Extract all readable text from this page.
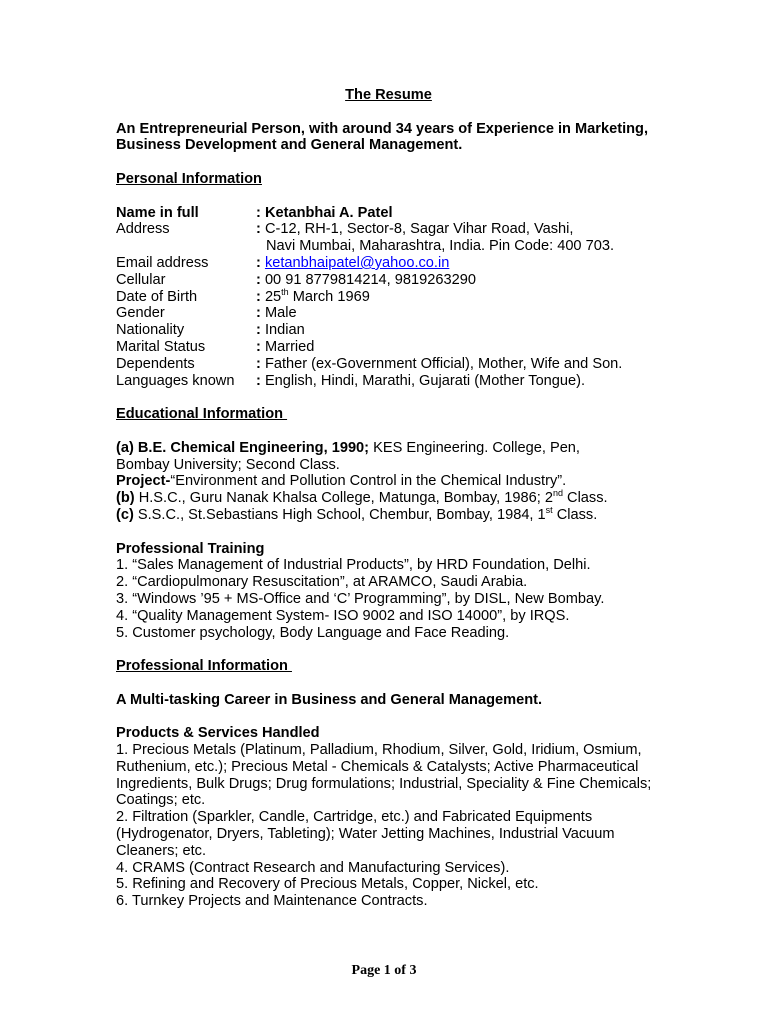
The Resume

An Entrepreneurial Person, with around 34 years of Experience in Marketing, Business Development and General Management.

Personal Information

Name in full	: Ketanbhai A. Patel
Address	: C-12, RH-1, Sector-8, Sagar Vihar Road, Vashi,

Navi Mumbai, Maharashtra, India. Pin Code: 400 703.

Email address	: ketanbhaipatel@yahoo.co.in
Cellular	: 00 91 8779814214, 9819263290
Date of Birth	: 25th March 1969
Gender	: Male
Nationality	: Indian
Marital Status	: Married
Dependents	: Father (ex-Government Official), Mother, Wife and Son.
Languages known	: English, Hindi, Marathi, Gujarati (Mother Tongue).

Educational Information

(a) B.E. Chemical Engineering, 1990; KES Engineering. College, Pen,

Bombay University; Second Class.

Project-“Environment and Pollution Control in the Chemical Industry”.

(b) H.S.C., Guru Nanak Khalsa College, Matunga, Bombay, 1986; 2nd Class.

(c) S.S.C., St.Sebastians High School, Chembur, Bombay, 1984, 1st Class.

Professional Training

1. “Sales Management of Industrial Products”, by HRD Foundation, Delhi.

2. “Cardiopulmonary Resuscitation”, at ARAMCO, Saudi Arabia.

3. “Windows ’95 + MS-Office and ‘C’ Programming”, by DISL, New Bombay.

4. “Quality Management System- ISO 9002 and ISO 14000”, by IRQS.

5. Customer psychology, Body Language and Face Reading.

Professional Information

A Multi-tasking Career in Business and General Management.

Products & Services Handled

1. Precious Metals (Platinum, Palladium, Rhodium, Silver, Gold, Iridium, Osmium, Ruthenium, etc.); Precious Metal - Chemicals & Catalysts; Active Pharmaceutical Ingredients, Bulk Drugs; Drug formulations; Industrial, Speciality & Fine Chemicals; Coatings; etc.

2. Filtration (Sparkler, Candle, Cartridge, etc.) and Fabricated Equipments (Hydrogenator, Dryers, Tableting); Water Jetting Machines, Industrial Vacuum Cleaners; etc.

4. CRAMS (Contract Research and Manufacturing Services).

5. Refining and Recovery of Precious Metals, Copper, Nickel, etc.

6. Turnkey Projects and Maintenance Contracts.

Page 1 of 3
